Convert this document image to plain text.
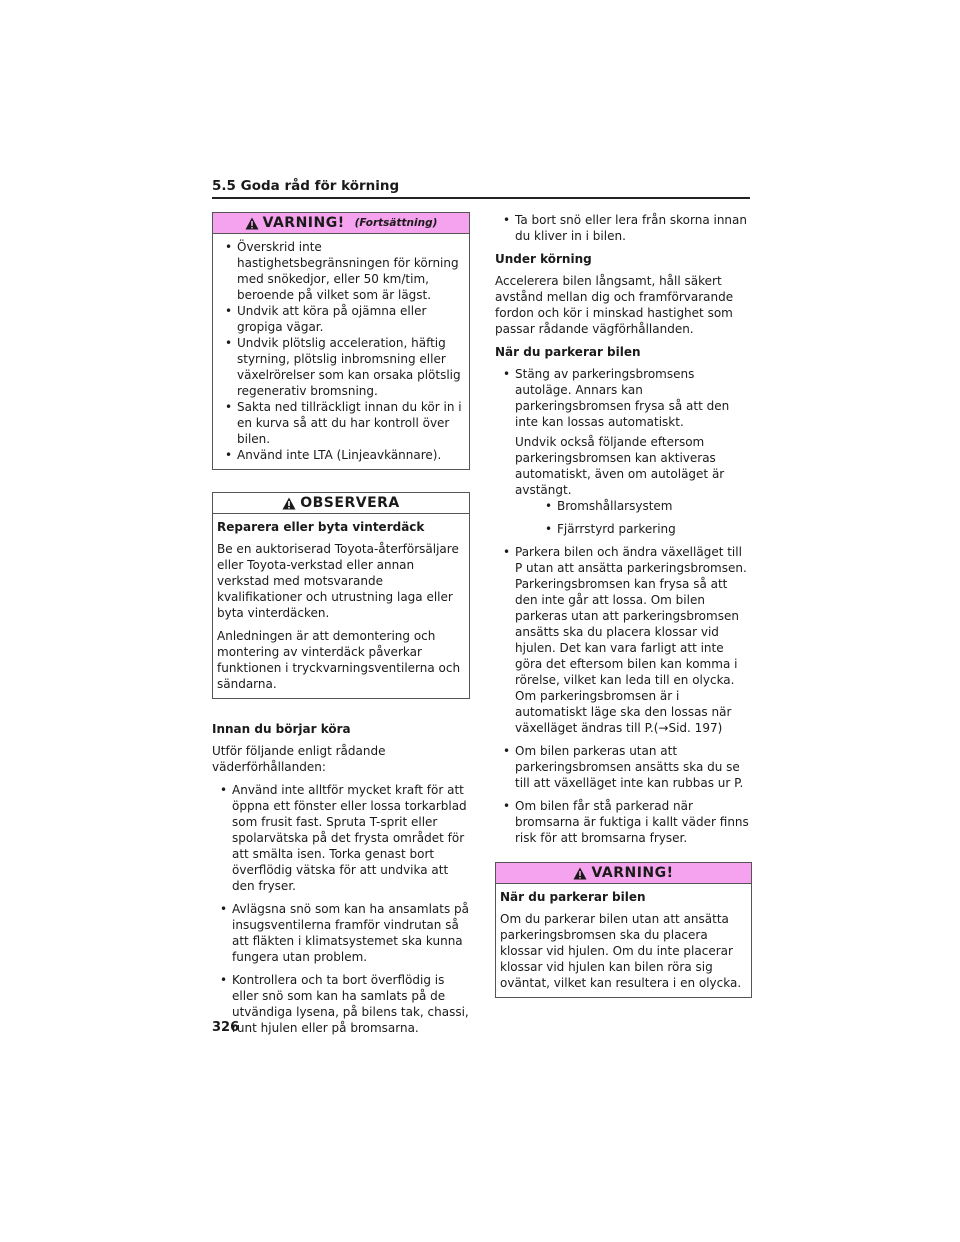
5.5 Goda råd för körning
VARNING! (Fortsättning)
• Överskrid inte hastighetsbegränsningen för körning med snökedjor, eller 50 km/tim, beroende på vilket som är lägst.
• Undvik att köra på ojämna eller gropiga vägar.
• Undvik plötslig acceleration, häftig styrning, plötslig inbromsning eller växelrörelser som kan orsaka plötslig regenerativ bromsning.
• Sakta ned tillräckligt innan du kör in i en kurva så att du har kontroll över bilen.
• Använd inte LTA (Linjeavkännare).
OBSERVERA

Reparera eller byta vinterdäck

Be en auktoriserad Toyota-återförsäljare eller Toyota-verkstad eller annan verkstad med motsvarande kvalifikationer och utrustning laga eller byta vinterdäcken.

Anledningen är att demontering och montering av vinterdäck påverkar funktionen i tryckvarningsventilerna och sändarna.

Innan du börjar köra

Utför följande enligt rådande väderförhållanden:

• Använd inte alltför mycket kraft för att öppna ett fönster eller lossa torkarblad som frusit fast. Spruta T-sprit eller spolarvätska på det frysta området för att smälta isen. Torka genast bort överflödig vätska för att undvika att den fryser.
• Avlägsna snö som kan ha ansamlats på insugsventilerna framför vindrutan så att fläkten i klimatsystemet ska kunna fungera utan problem.
• Kontrollera och ta bort överflödig is eller snö som kan ha samlats på de utvändiga lysena, på bilens tak, chassi, runt hjulen eller på bromsarna.
• Ta bort snö eller lera från skorna innan du kliver in i bilen.

Under körning

Accelerera bilen långsamt, håll säkert avstånd mellan dig och framförvarande fordon och kör i minskad hastighet som passar rådande vägförhållanden.

När du parkerar bilen

• Stäng av parkeringsbromsens autoläge. Annars kan parkeringsbromsen frysa så att den inte kan lossas automatiskt.

Undvik också följande eftersom parkeringsbromsen kan aktiveras automatiskt, även om autoläget är avstängt.

• Bromshållarsystem
• Fjärrstyrd parkering
• Parkera bilen och ändra växelläget till P utan att ansätta parkeringsbromsen. Parkeringsbromsen kan frysa så att den inte går att lossa. Om bilen parkeras utan att parkeringsbromsen ansätts ska du placera klossar vid hjulen. Det kan vara farligt att inte göra det eftersom bilen kan komma i rörelse, vilket kan leda till en olycka. Om parkeringsbromsen är i automatiskt läge ska den lossas när växelläget ändras till P.(→Sid. 197)
• Om bilen parkeras utan att parkeringsbromsen ansätts ska du se till att växelläget inte kan rubbas ur P.
• Om bilen får stå parkerad när bromsarna är fuktiga i kallt väder finns risk för att bromsarna fryser.
VARNING!

När du parkerar bilen

Om du parkerar bilen utan att ansätta parkeringsbromsen ska du placera klossar vid hjulen. Om du inte placerar klossar vid hjulen kan bilen röra sig oväntat, vilket kan resultera i en olycka.

326
